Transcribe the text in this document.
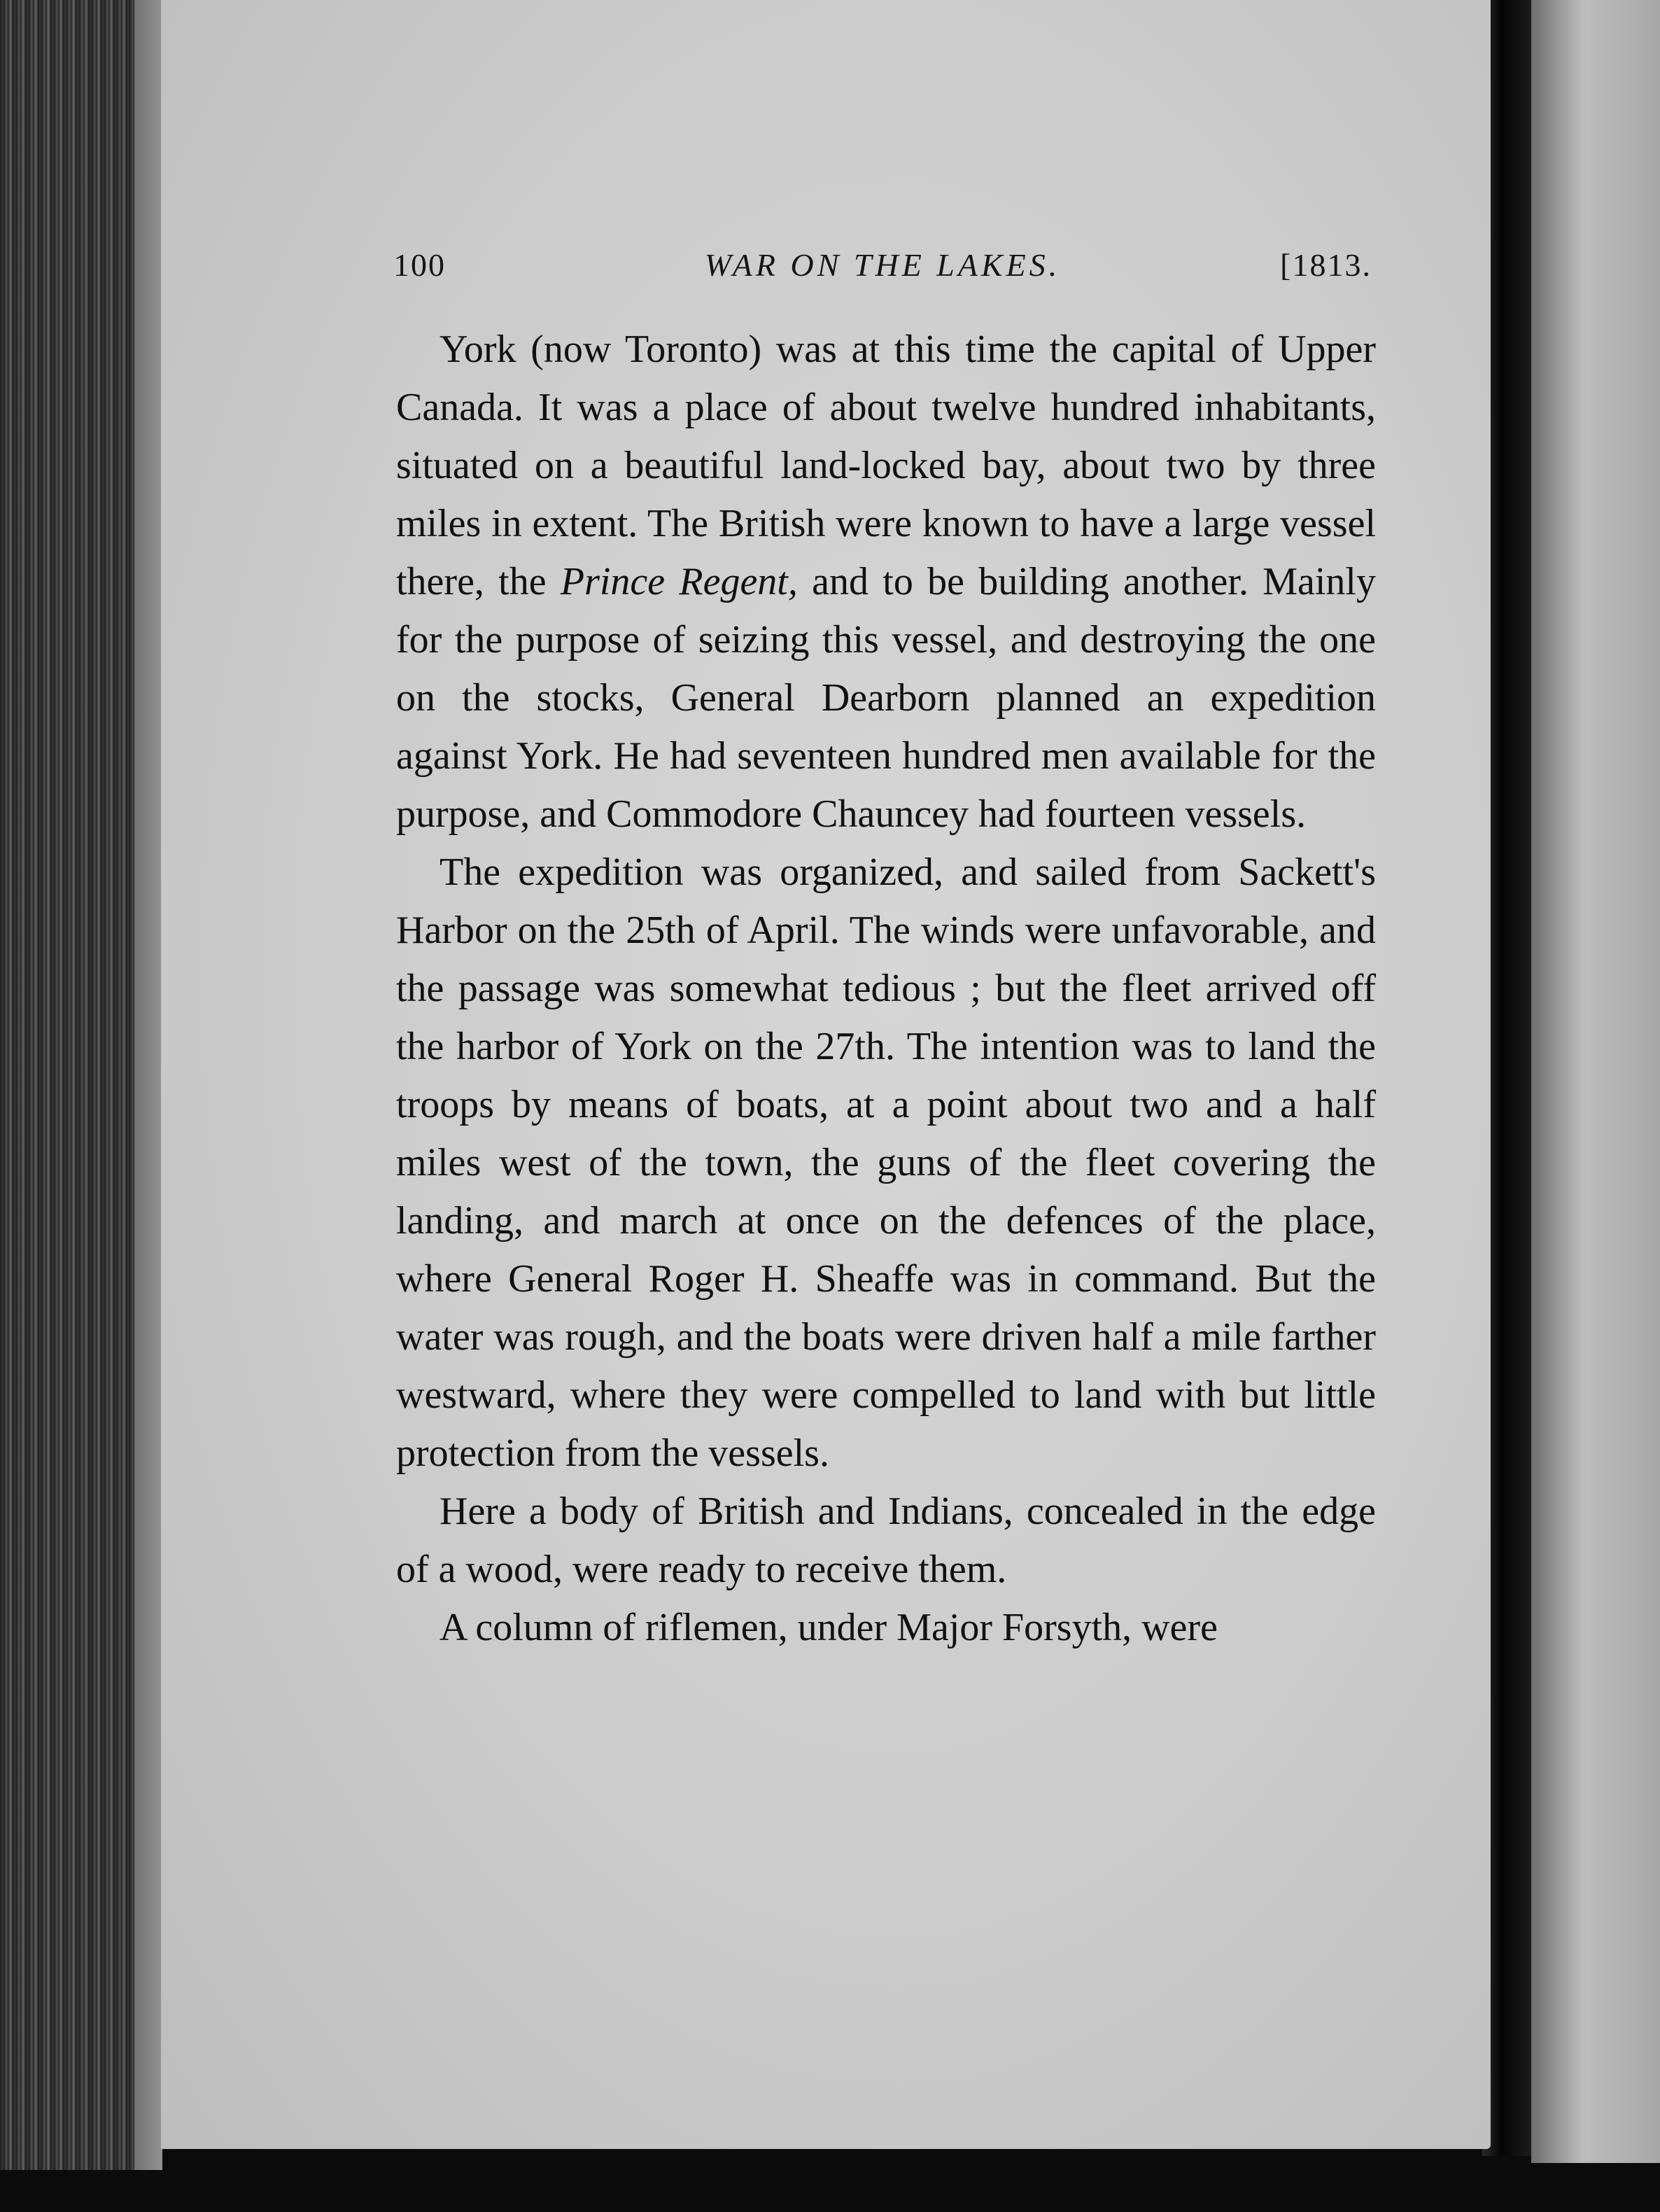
100	WAR ON THE LAKES.	[1813.

York (now Toronto) was at this time the capital of Upper Canada. It was a place of about twelve hundred inhabitants, situated on a beautiful land-locked bay, about two by three miles in extent. The British were known to have a large vessel there, the Prince Regent, and to be building another. Mainly for the purpose of seizing this vessel, and destroying the one on the stocks, General Dearborn planned an expedition against York. He had seventeen hundred men available for the purpose, and Commodore Chauncey had fourteen vessels.

The expedition was organized, and sailed from Sackett's Harbor on the 25th of April. The winds were unfavorable, and the passage was somewhat tedious ; but the fleet arrived off the harbor of York on the 27th. The intention was to land the troops by means of boats, at a point about two and a half miles west of the town, the guns of the fleet covering the landing, and march at once on the defences of the place, where General Roger H. Sheaffe was in command. But the water was rough, and the boats were driven half a mile farther westward, where they were compelled to land with but little protection from the vessels.

Here a body of British and Indians, concealed in the edge of a wood, were ready to receive them.

A column of riflemen, under Major Forsyth, were
